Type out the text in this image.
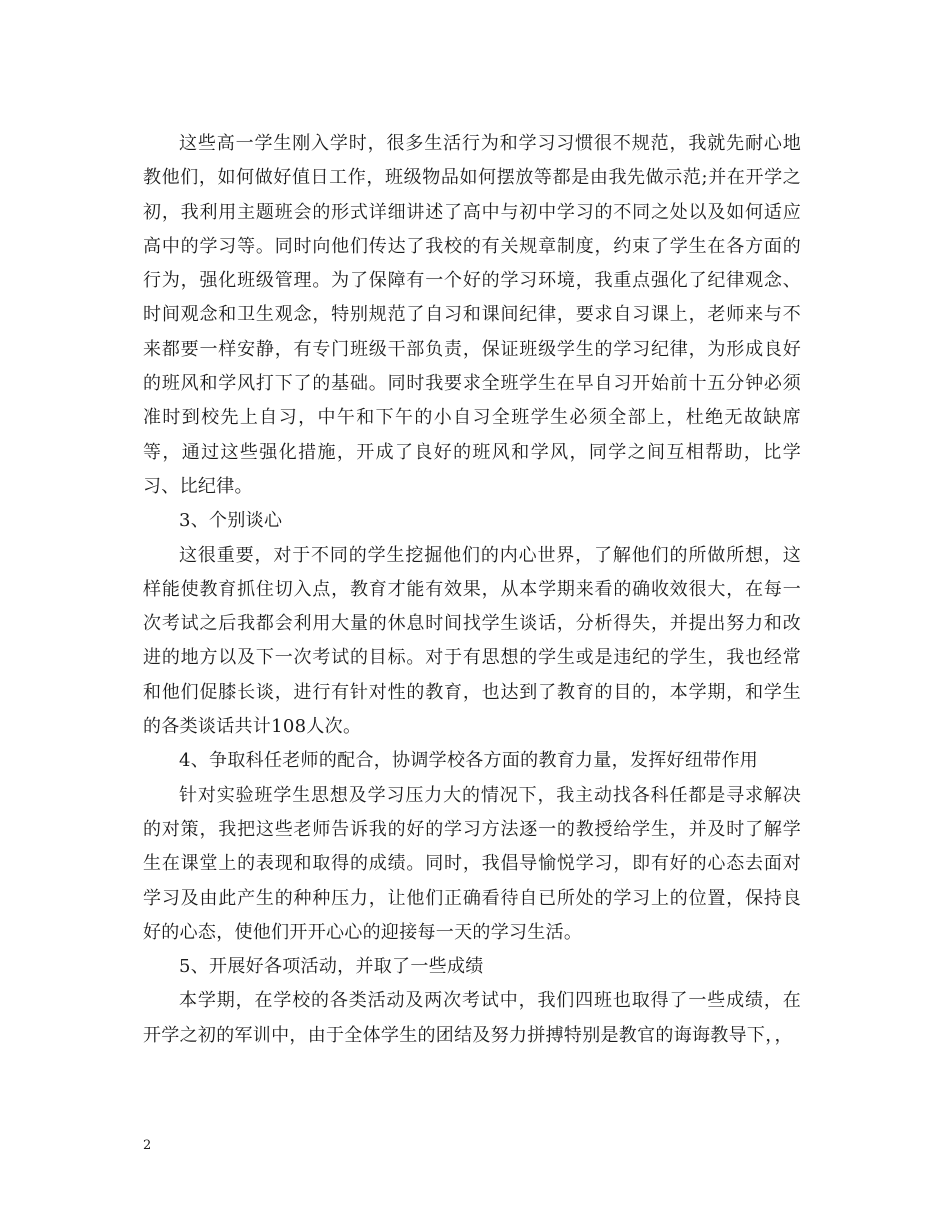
这些高一学生刚入学时，很多生活行为和学习习惯很不规范，我就先耐心地教他们，如何做好值日工作，班级物品如何摆放等都是由我先做示范;并在开学之初，我利用主题班会的形式详细讲述了高中与初中学习的不同之处以及如何适应高中的学习等。同时向他们传达了我校的有关规章制度，约束了学生在各方面的行为，强化班级管理。为了保障有一个好的学习环境，我重点强化了纪律观念、时间观念和卫生观念，特别规范了自习和课间纪律，要求自习课上，老师来与不来都要一样安静，有专门班级干部负责，保证班级学生的学习纪律，为形成良好的班风和学风打下了的基础。同时我要求全班学生在早自习开始前十五分钟必须准时到校先上自习，中午和下午的小自习全班学生必须全部上，杜绝无故缺席等，通过这些强化措施，开成了良好的班风和学风，同学之间互相帮助，比学习、比纪律。

3、个别谈心

这很重要，对于不同的学生挖掘他们的内心世界，了解他们的所做所想，这样能使教育抓住切入点，教育才能有效果，从本学期来看的确收效很大，在每一次考试之后我都会利用大量的休息时间找学生谈话，分析得失，并提出努力和改进的地方以及下一次考试的目标。对于有思想的学生或是违纪的学生，我也经常和他们促膝长谈，进行有针对性的教育，也达到了教育的目的，本学期，和学生的各类谈话共计108人次。

4、争取科任老师的配合，协调学校各方面的教育力量，发挥好纽带作用

针对实验班学生思想及学习压力大的情况下，我主动找各科任都是寻求解决的对策，我把这些老师告诉我的好的学习方法逐一的教授给学生，并及时了解学生在课堂上的表现和取得的成绩。同时，我倡导愉悦学习，即有好的心态去面对学习及由此产生的种种压力，让他们正确看待自已所处的学习上的位置，保持良好的心态，使他们开开心心的迎接每一天的学习生活。

5、开展好各项活动，并取了一些成绩

本学期，在学校的各类活动及两次考试中，我们四班也取得了一些成绩，在开学之初的军训中，由于全体学生的团结及努力拼搏特别是教官的诲诲教导下，，

2
